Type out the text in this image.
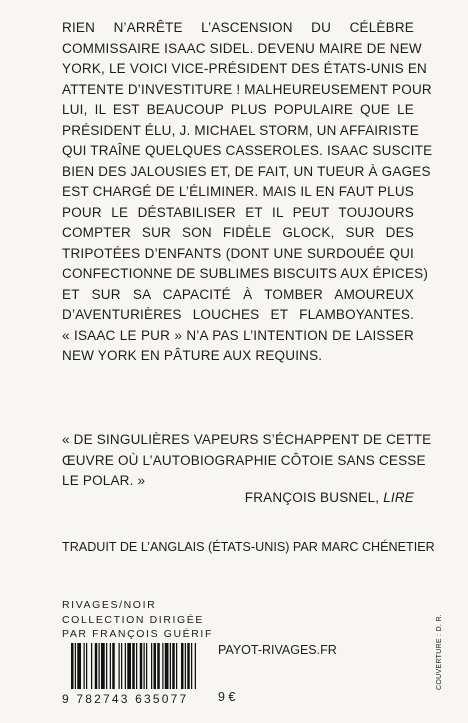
RIEN N’ARRÊTE L’ASCENSION DU CÉLÈBRE
COMMISSAIRE ISAAC SIDEL. DEVENU MAIRE DE NEW
YORK, LE VOICI VICE-PRÉSIDENT DES ÉTATS-UNIS EN
ATTENTE D’INVESTITURE ! MALHEUREUSEMENT POUR
LUI, IL EST BEAUCOUP PLUS POPULAIRE QUE LE
PRÉSIDENT ÉLU, J. MICHAEL STORM, UN AFFAIRISTE
QUI TRAÎNE QUELQUES CASSEROLES. ISAAC SUSCITE
BIEN DES JALOUSIES ET, DE FAIT, UN TUEUR À GAGES
EST CHARGÉ DE L’ÉLIMINER. MAIS IL EN FAUT PLUS
POUR LE DÉSTABILISER ET IL PEUT TOUJOURS
COMPTER SUR SON FIDÈLE GLOCK, SUR DES
TRIPOTÉES D’ENFANTS (DONT UNE SURDOUÉE QUI
CONFECTIONNE DE SUBLIMES BISCUITS AUX ÉPICES)
ET SUR SA CAPACITÉ À TOMBER AMOUREUX
D’AVENTURIÈRES LOUCHES ET FLAMBOYANTES.
« ISAAC LE PUR » N’A PAS L’INTENTION DE LAISSER
NEW YORK EN PÂTURE AUX REQUINS.
« DE SINGULIÈRES VAPEURS S’ÉCHAPPENT DE CETTE
ŒUVRE OÙ L’AUTOBIOGRAPHIE CÔTOIE SANS CESSE
LE POLAR. »
FRANÇOIS BUSNEL, LIRE
TRADUIT DE L’ANGLAIS (ÉTATS-UNIS) PAR MARC CHÉNETIER
RIVAGES/NOIR
COLLECTION DIRIGÉE
PAR FRANÇOIS GUÉRIF
9 782743 635077
PAYOT-RIVAGES.FR
9 €
COUVERTURE : D. R.
